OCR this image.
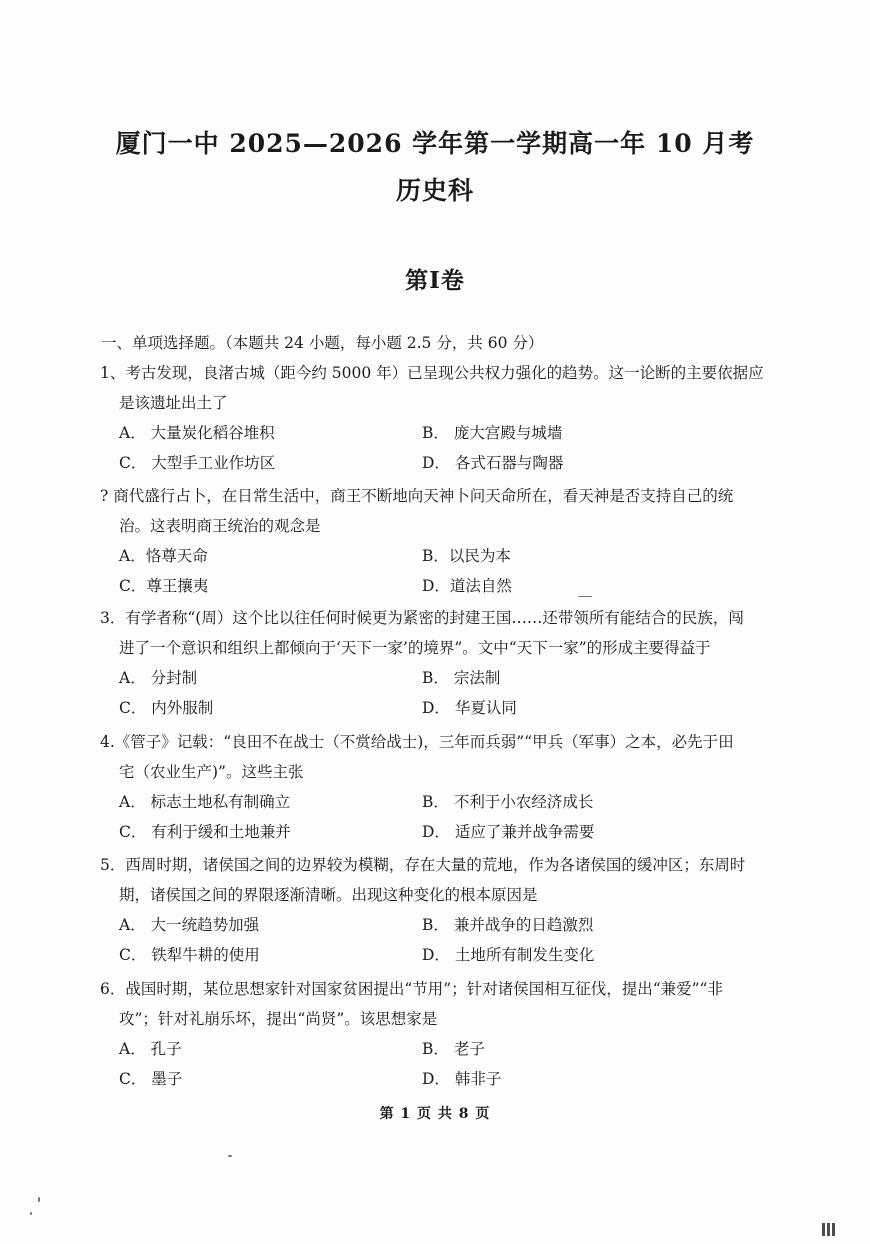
厦门一中 2025—2026 学年第一学期高一年 10 月考
历史科
第Ⅰ卷
一、单项选择题。（本题共 24 小题，每小题 2.5 分，共 60 分）
1、考古发现，良渚古城（距今约 5000 年）已呈现公共权力强化的趋势。这一论断的主要依据应
是该遗址出土了
A． 大量炭化稻谷堆积	B． 庞大宫殿与城墙
C． 大型手工业作坊区	D． 各式石器与陶器
? 商代盛行占卜，在日常生活中，商王不断地向天神卜问天命所在，看天神是否支持自己的统
治。这表明商王统治的观念是
A．恪尊天命	B．以民为本
C．尊王攘夷	D．道法自然
3．有学者称“(周）这个比以往任何时候更为紧密的封建王国……还带领所有能结合的民族，闯
进了一个意识和组织上都倾向于‘天下一家’的境界”。文中“天下一家”的形成主要得益于
A． 分封制	B． 宗法制
C． 内外服制	D． 华夏认同
4.《管子》记载：“良田不在战士（不赏给战士)，三年而兵弱”“甲兵（军事）之本，必先于田
宅（农业生产)”。这些主张
A． 标志土地私有制确立	B． 不利于小农经济成长
C． 有利于缓和土地兼并	D． 适应了兼并战争需要
5．西周时期，诸侯国之间的边界较为模糊，存在大量的荒地，作为各诸侯国的缓冲区；东周时
期，诸侯国之间的界限逐渐清晰。出现这种变化的根本原因是
A． 大一统趋势加强	B． 兼并战争的日趋激烈
C． 铁犁牛耕的使用	D． 土地所有制发生变化
6．战国时期，某位思想家针对国家贫困提出“节用”；针对诸侯国相互征伐，提出“兼爱”“非
攻”；针对礼崩乐坏，提出“尚贤”。该思想家是
A． 孔子	B． 老子
C． 墨子	D． 韩非子
第 1 页 共 8 页
